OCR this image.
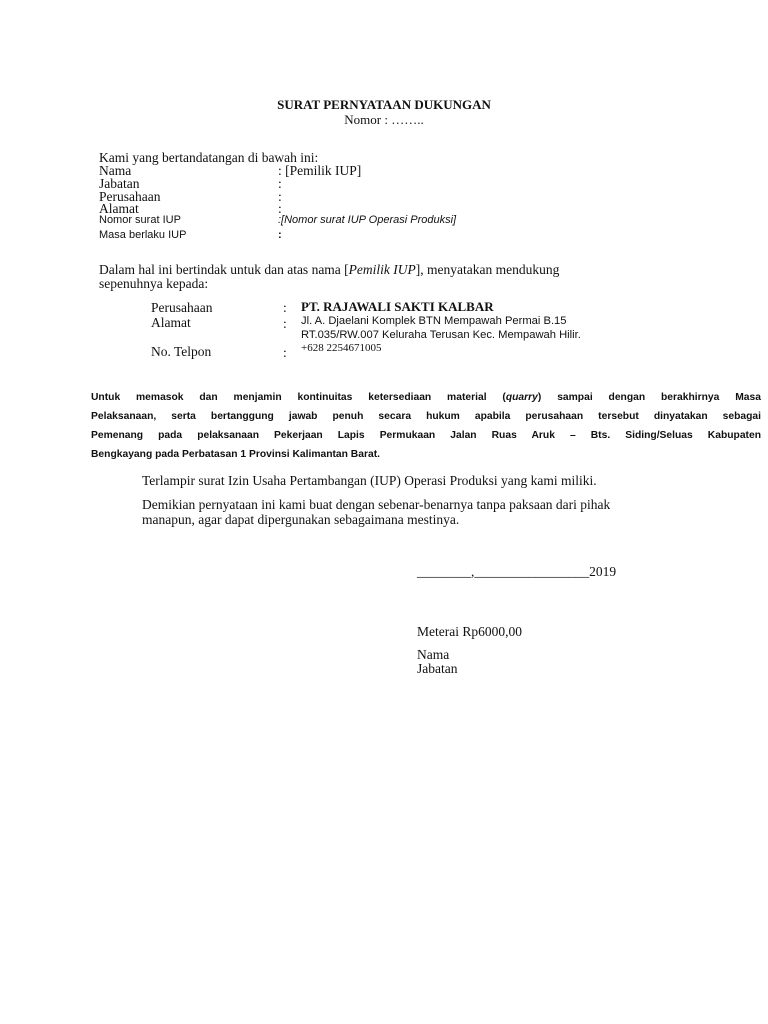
SURAT PERNYATAAN DUKUNGAN
Nomor : ……..
Kami yang bertandatangan di bawah ini:
Nama	: [Pemilik IUP]
Jabatan	:
Perusahaan	:
Alamat	:
Nomor surat IUP	:[Nomor surat IUP Operasi Produksi]
Masa berlaku IUP	:
Dalam hal ini bertindak untuk dan atas nama [Pemilik IUP], menyatakan mendukung
sepenuhnya kepada:
Perusahaan	: PT. RAJAWALI SAKTI KALBAR
Alamat	: Jl. A. Djaelani Komplek BTN Mempawah Permai B.15
RT.035/RW.007 Keluraha Terusan Kec. Mempawah Hilir.
No. Telpon	: +628 2254671005

Untuk memasok dan menjamin kontinuitas ketersediaan material (quarry) sampai dengan berakhirnya Masa

Pelaksanaan, serta bertanggung jawab penuh secara hukum apabila perusahaan tersebut dinyatakan sebagai

Pemenang pada pelaksanaan Pekerjaan Lapis Permukaan Jalan Ruas Aruk – Bts. Siding/Seluas Kabupaten

Bengkayang pada Perbatasan 1 Provinsi Kalimantan Barat.

Terlampir surat Izin Usaha Pertambangan (IUP) Operasi Produksi yang kami miliki.
Demikian pernyataan ini kami buat dengan sebenar-benarnya tanpa paksaan dari pihak
manapun, agar dapat dipergunakan sebagaimana mestinya.
________,_________________2019
Meterai Rp6000,00
Nama
Jabatan
